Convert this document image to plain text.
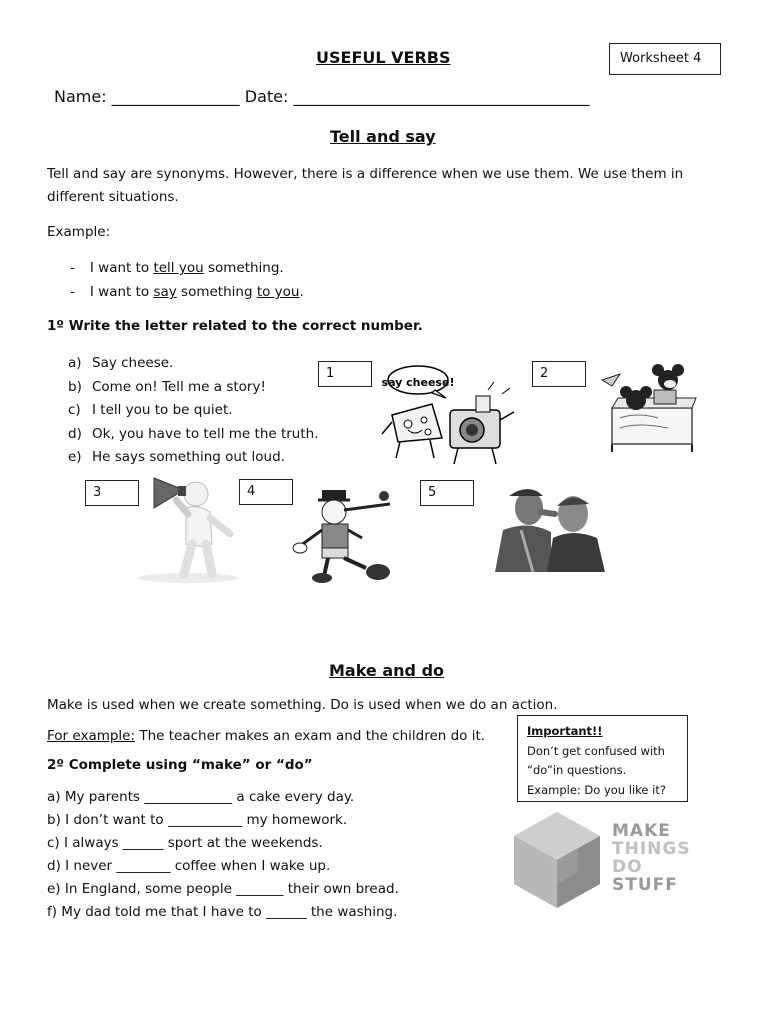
USEFUL VERBS	Worksheet 4
Name: ________________ Date: _____________________________________
Tell and say
Tell and say are synonyms. However, there is a difference when we use them. We use them in
different situations.
Example:
- I want to tell you something.
- I want to say something to you.
1º Write the letter related to the correct number.
a) Say cheese.
b) Come on! Tell me a story!
c) I tell you to be quiet.
d) Ok, you have to tell me the truth.
e) He says something out loud.
1	2
3	4	5
say cheese!
Make and do
Make is used when we create something. Do is used when we do an action.
For example: The teacher makes an exam and the children do it.
2º Complete using “make” or “do”
a) My parents _____________ a cake every day.
b) I don’t want to ___________ my homework.
c) I always ______ sport at the weekends.
d) I never ________ coffee when I wake up.
e) In England, some people _______ their own bread.
f) My dad told me that I have to ______ the washing.
Important!!
Don’t get confused with
“do”in questions.
Example: Do you like it?
MAKE
THINGS
DO
STUFF
